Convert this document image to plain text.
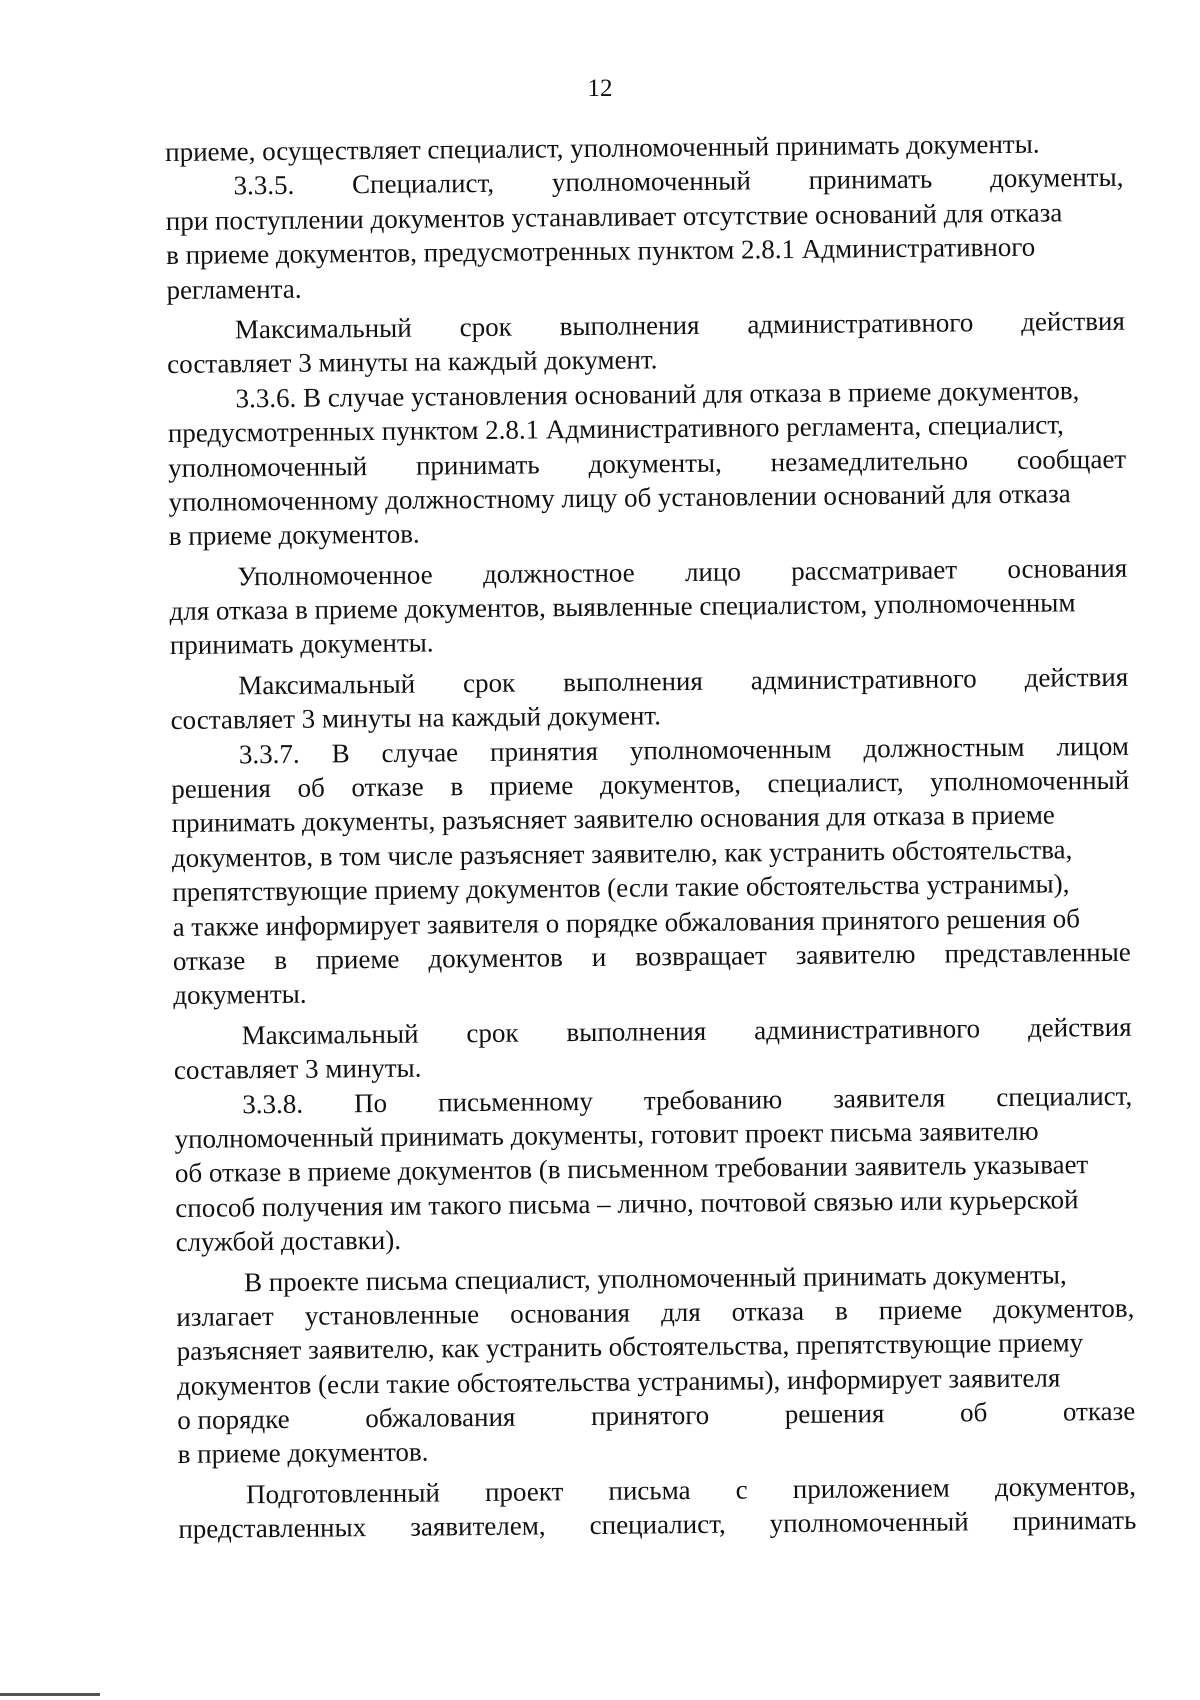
12
приеме, осуществляет специалист, уполномоченный принимать документы.
3.3.5. Специалист, уполномоченный принимать документы,
при поступлении документов устанавливает отсутствие оснований для отказа
в приеме документов, предусмотренных пунктом 2.8.1 Административного
регламента.
Максимальный срок выполнения административного действия
составляет 3 минуты на каждый документ.
3.3.6. В случае установления оснований для отказа в приеме документов,
предусмотренных пунктом 2.8.1 Административного регламента, специалист,
уполномоченный принимать документы, незамедлительно сообщает
уполномоченному должностному лицу об установлении оснований для отказа
в приеме документов.
Уполномоченное должностное лицо рассматривает основания
для отказа в приеме документов, выявленные специалистом, уполномоченным
принимать документы.
Максимальный срок выполнения административного действия
составляет 3 минуты на каждый документ.
3.3.7. В случае принятия уполномоченным должностным лицом
решения об отказе в приеме документов, специалист, уполномоченный
принимать документы, разъясняет заявителю основания для отказа в приеме
документов, в том числе разъясняет заявителю, как устранить обстоятельства,
препятствующие приему документов (если такие обстоятельства устранимы),
а также информирует заявителя о порядке обжалования принятого решения об
отказе в приеме документов и возвращает заявителю представленные
документы.
Максимальный срок выполнения административного действия
составляет 3 минуты.
3.3.8. По письменному требованию заявителя специалист,
уполномоченный принимать документы, готовит проект письма заявителю
об отказе в приеме документов (в письменном требовании заявитель указывает
способ получения им такого письма – лично, почтовой связью или курьерской
службой доставки).
В проекте письма специалист, уполномоченный принимать документы,
излагает установленные основания для отказа в приеме документов,
разъясняет заявителю, как устранить обстоятельства, препятствующие приему
документов (если такие обстоятельства устранимы), информирует заявителя
о порядке	обжалования	принятого	решения	об	отказе
в приеме документов.
Подготовленный проект письма с приложением документов,
представленных заявителем, специалист, уполномоченный принимать
